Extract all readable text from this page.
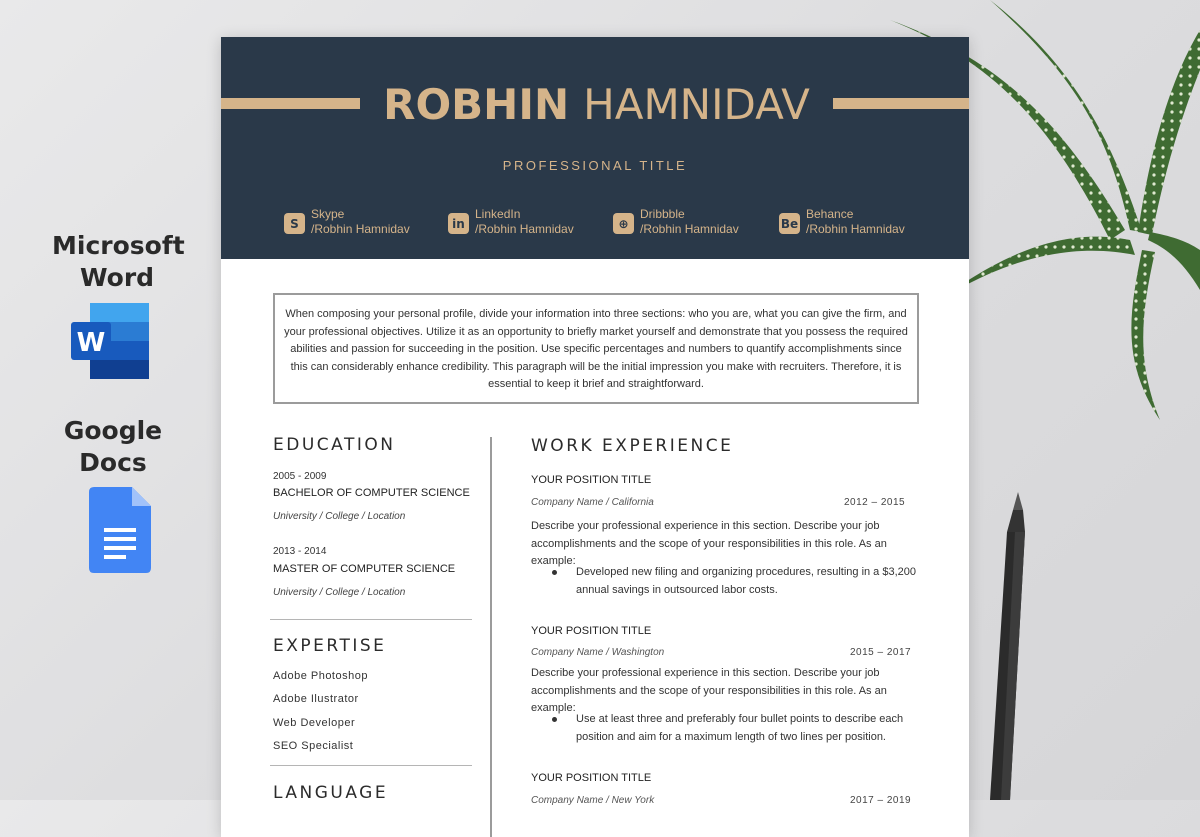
Microsoft
Word
W
Google
Docs
ROBHIN HAMNIDAV
PROFESSIONAL TITLE
S
Skype
/Robhin Hamnidav	in
LinkedIn
/Robhin Hamnidav	⊕
Dribbble
/Robhin Hamnidav	Be
Behance
/Robhin Hamnidav
When composing your personal profile, divide your information into three sections: who you are, what you can give the firm, and your professional objectives. Utilize it as an opportunity to briefly market yourself and demonstrate that you possess the required abilities and passion for succeeding in the position. Use specific percentages and numbers to quantify accomplishments since this can considerably enhance credibility. This paragraph will be the initial impression you make with recruiters. Therefore, it is essential to keep it brief and straightforward.
EDUCATION
2005 - 2009
BACHELOR OF COMPUTER SCIENCE
University / College / Location
2013 - 2014
MASTER OF COMPUTER SCIENCE
University / College / Location
EXPERTISE
Adobe Photoshop
Adobe Ilustrator
Web Developer
SEO Specialist
LANGUAGE
WORK EXPERIENCE
YOUR POSITION TITLE
Company Name / California	2012 – 2015
Describe your professional experience in this section. Describe your job accomplishments and the scope of your responsibilities in this role. As an example:
Developed new filing and organizing procedures, resulting in a $3,200 annual savings in outsourced labor costs.
YOUR POSITION TITLE
Company Name / Washington	2015 – 2017
Describe your professional experience in this section. Describe your job accomplishments and the scope of your responsibilities in this role. As an example:
Use at least three and preferably four bullet points to describe each position and aim for a maximum length of two lines per position.
YOUR POSITION TITLE
Company Name / New York	2017 – 2019
